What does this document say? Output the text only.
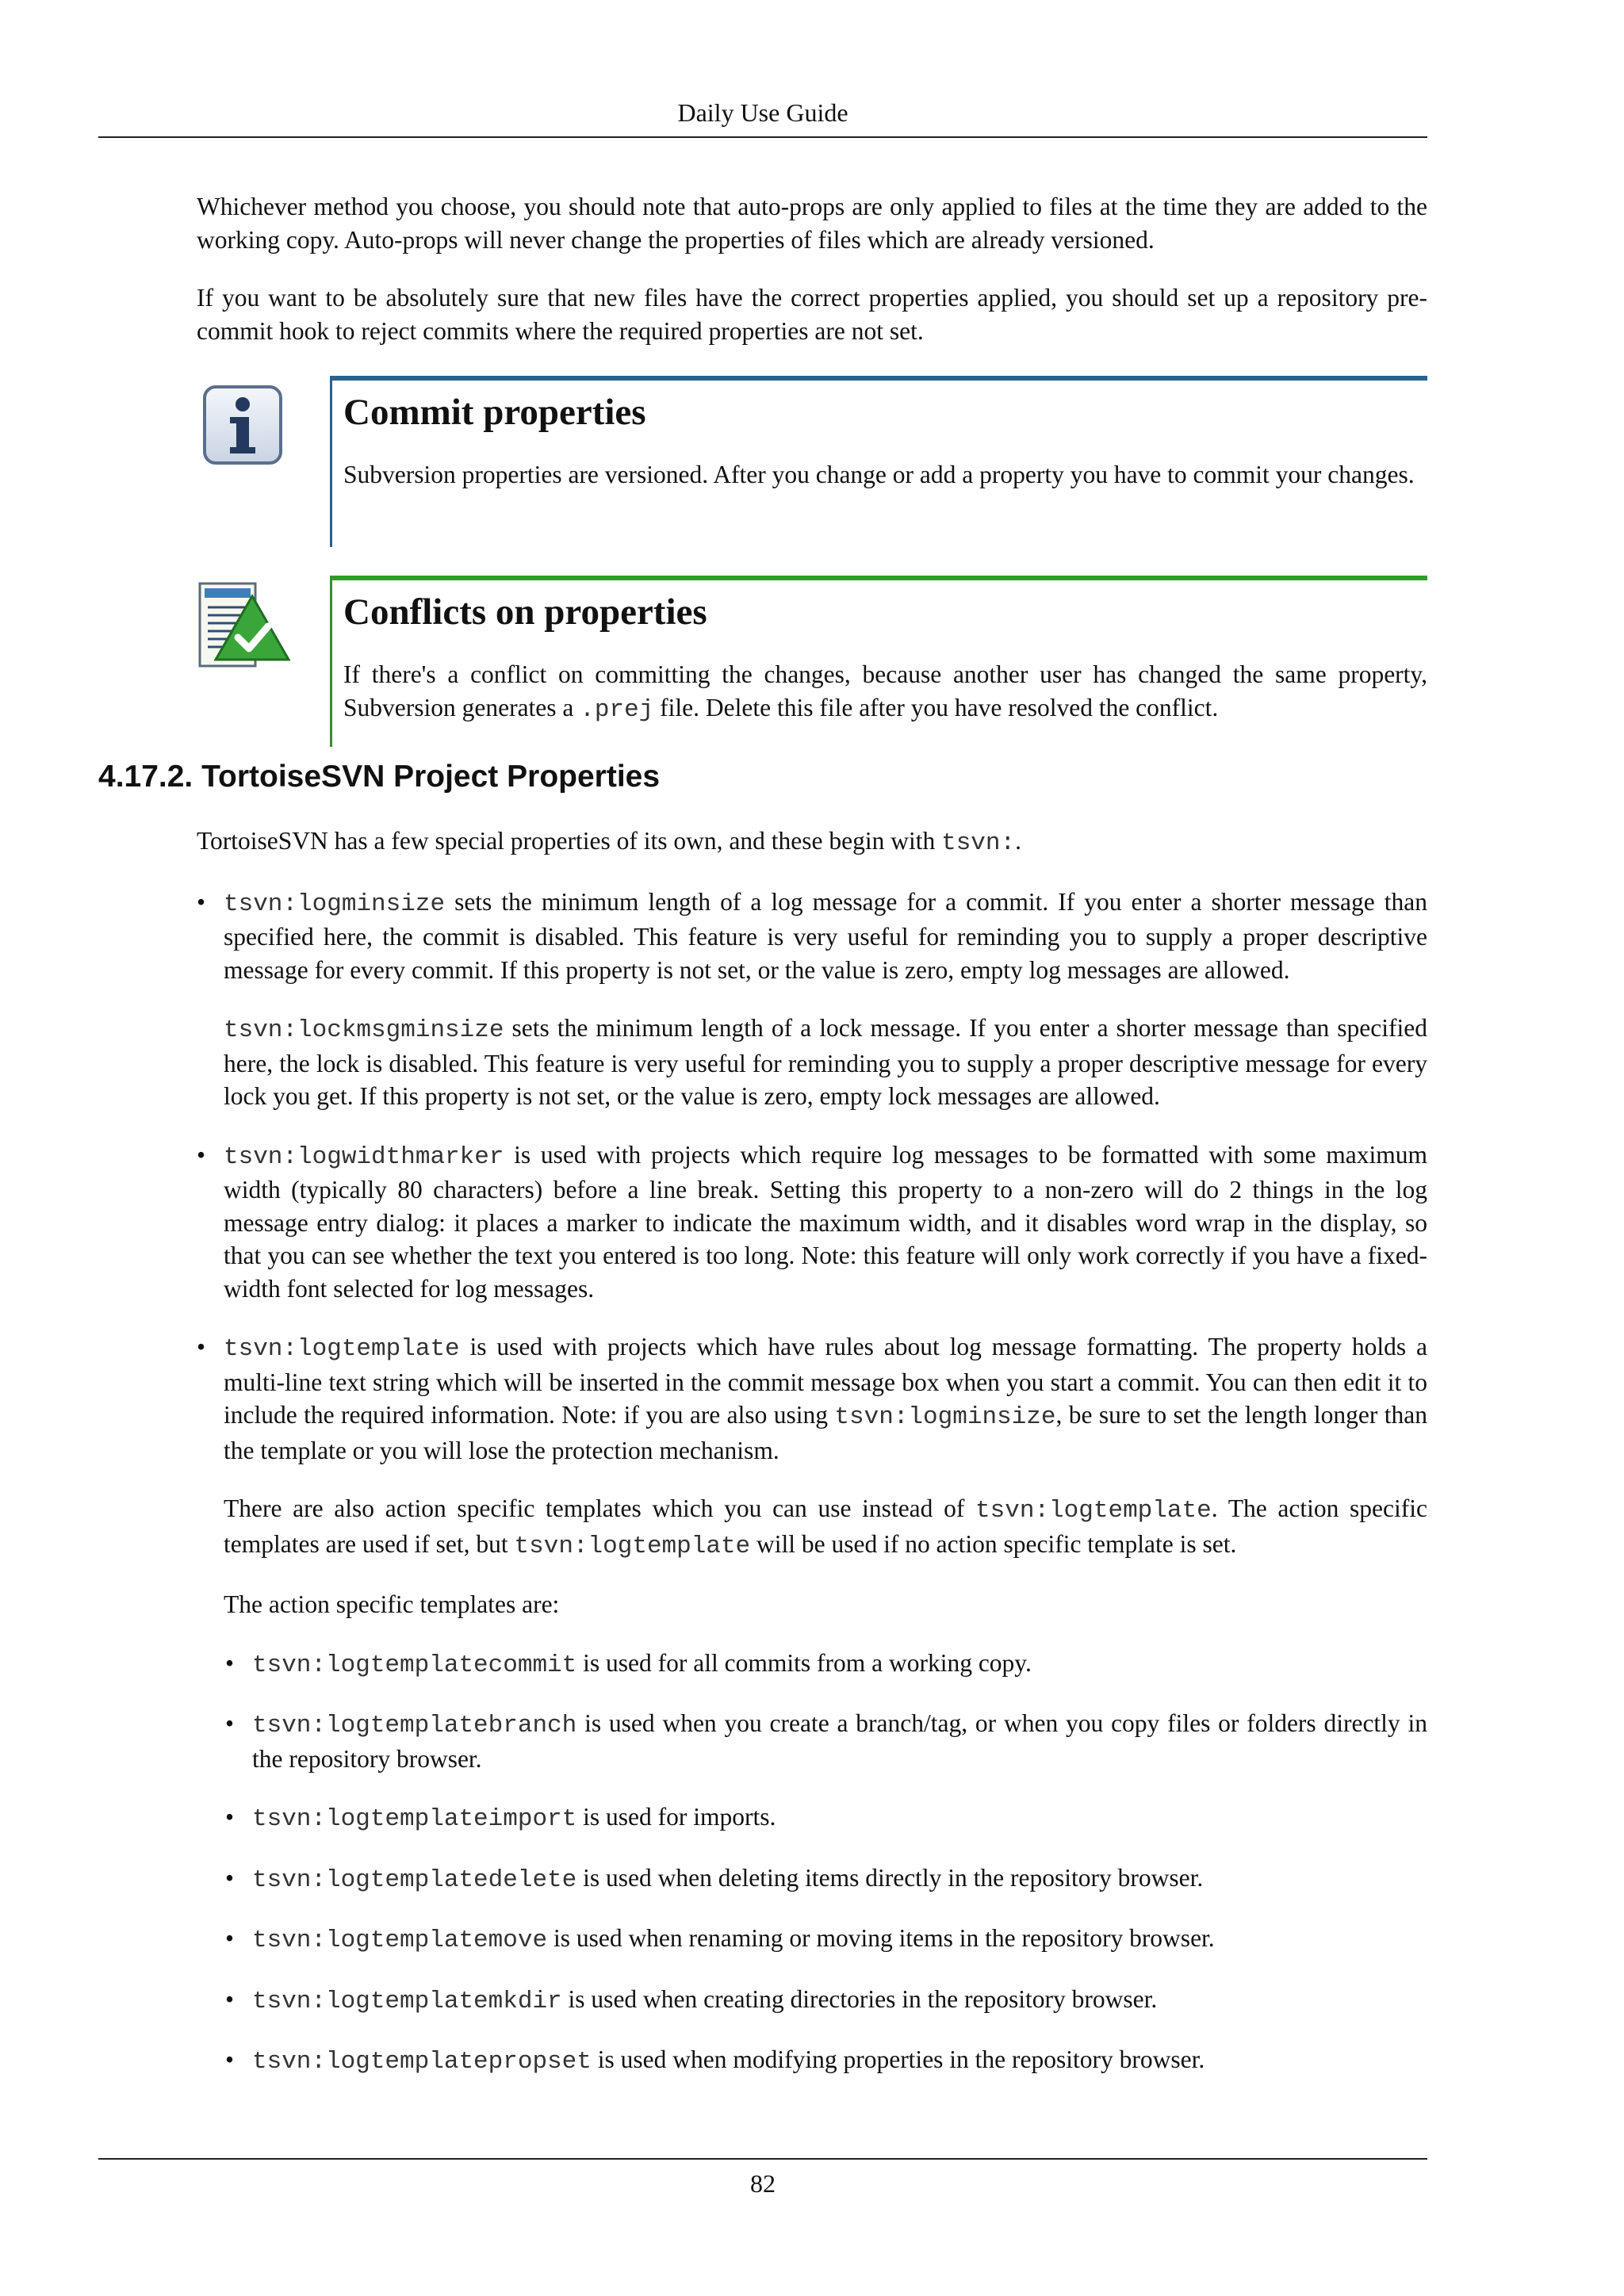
Daily Use Guide

Whichever method you choose, you should note that auto-props are only applied to files at the time they are added to the working copy. Auto-props will never change the properties of files which are already versioned.

If you want to be absolutely sure that new files have the correct properties applied, you should set up a repository pre-commit hook to reject commits where the required properties are not set.

Commit properties
Subversion properties are versioned. After you change or add a property you have to commit your changes.
Conflicts on properties
If there's a conflict on committing the changes, because another user has changed the same property, Subversion generates a .prej file. Delete this file after you have resolved the conflict.
4.17.2. TortoiseSVN Project Properties

TortoiseSVN has a few special properties of its own, and these begin with tsvn:.

• tsvn:logminsize sets the minimum length of a log message for a commit. If you enter a shorter message than specified here, the commit is disabled. This feature is very useful for reminding you to supply a proper descriptive message for every commit. If this property is not set, or the value is zero, empty log messages are allowed.
tsvn:lockmsgminsize sets the minimum length of a lock message. If you enter a shorter message than specified here, the lock is disabled. This feature is very useful for reminding you to supply a proper descriptive message for every lock you get. If this property is not set, or the value is zero, empty lock messages are allowed.
• tsvn:logwidthmarker is used with projects which require log messages to be formatted with some maximum width (typically 80 characters) before a line break. Setting this property to a non-zero will do 2 things in the log message entry dialog: it places a marker to indicate the maximum width, and it disables word wrap in the display, so that you can see whether the text you entered is too long. Note: this feature will only work correctly if you have a fixed-width font selected for log messages.
• tsvn:logtemplate is used with projects which have rules about log message formatting. The property holds a multi-line text string which will be inserted in the commit message box when you start a commit. You can then edit it to include the required information. Note: if you are also using tsvn:logminsize, be sure to set the length longer than the template or you will lose the protection mechanism.
There are also action specific templates which you can use instead of tsvn:logtemplate. The action specific templates are used if set, but tsvn:logtemplate will be used if no action specific template is set.
The action specific templates are:
• tsvn:logtemplatecommit is used for all commits from a working copy.
• tsvn:logtemplatebranch is used when you create a branch/tag, or when you copy files or folders directly in the repository browser.
• tsvn:logtemplateimport is used for imports.
• tsvn:logtemplatedelete is used when deleting items directly in the repository browser.
• tsvn:logtemplatemove is used when renaming or moving items in the repository browser.
• tsvn:logtemplatemkdir is used when creating directories in the repository browser.
• tsvn:logtemplatepropset is used when modifying properties in the repository browser.
82
